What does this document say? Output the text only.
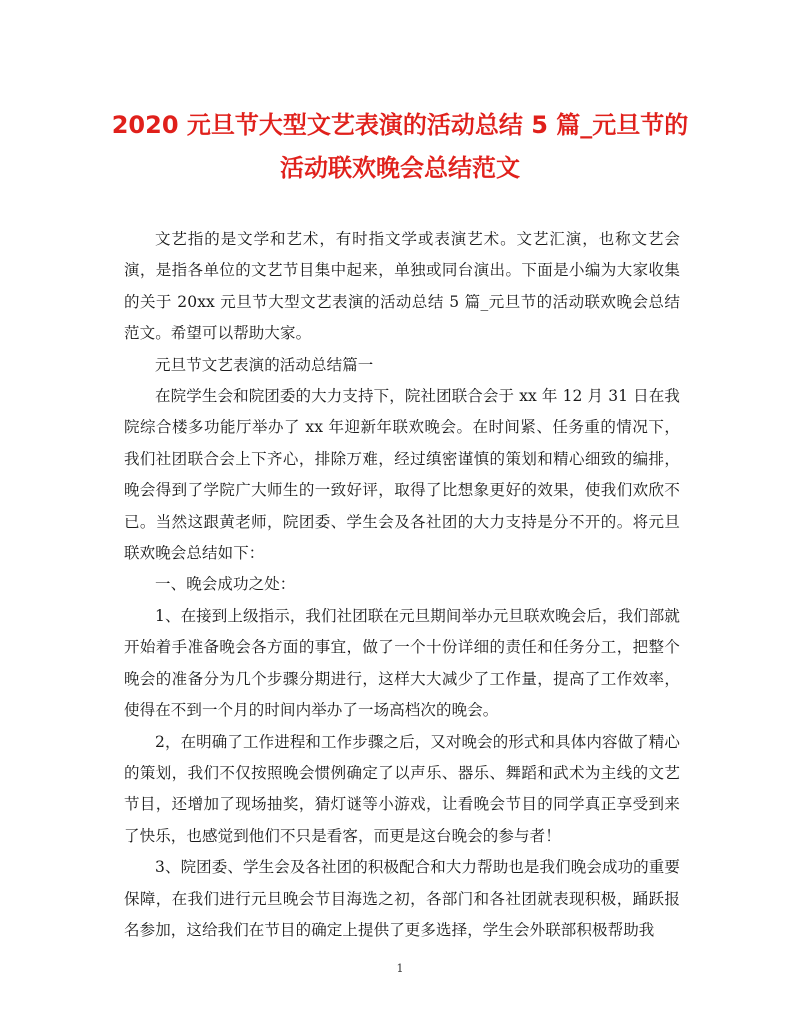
2020 元旦节大型文艺表演的活动总结 5 篇_元旦节的
活动联欢晚会总结范文

文艺指的是文学和艺术，有时指文学或表演艺术。文艺汇演，也称文艺会演，是指各单位的文艺节目集中起来，单独或同台演出。下面是小编为大家收集的关于 20xx 元旦节大型文艺表演的活动总结 5 篇_元旦节的活动联欢晚会总结范文。希望可以帮助大家。

元旦节文艺表演的活动总结篇一

在院学生会和院团委的大力支持下，院社团联合会于 xx 年 12 月 31 日在我院综合楼多功能厅举办了 xx 年迎新年联欢晚会。在时间紧、任务重的情况下，我们社团联合会上下齐心，排除万难，经过缜密谨慎的策划和精心细致的编排，晚会得到了学院广大师生的一致好评，取得了比想象更好的效果，使我们欢欣不已。当然这跟黄老师，院团委、学生会及各社团的大力支持是分不开的。将元旦联欢晚会总结如下：

一、晚会成功之处：

1、在接到上级指示，我们社团联在元旦期间举办元旦联欢晚会后，我们部就开始着手准备晚会各方面的事宜，做了一个十份详细的责任和任务分工，把整个晚会的准备分为几个步骤分期进行，这样大大减少了工作量，提高了工作效率，使得在不到一个月的时间内举办了一场高档次的晚会。

2，在明确了工作进程和工作步骤之后，又对晚会的形式和具体内容做了精心的策划，我们不仅按照晚会惯例确定了以声乐、器乐、舞蹈和武术为主线的文艺节目，还增加了现场抽奖，猜灯谜等小游戏，让看晚会节目的同学真正享受到来了快乐，也感觉到他们不只是看客，而更是这台晚会的参与者！

3、院团委、学生会及各社团的积极配合和大力帮助也是我们晚会成功的重要保障，在我们进行元旦晚会节目海选之初，各部门和各社团就表现积极，踊跃报名参加，这给我们在节目的确定上提供了更多选择，学生会外联部积极帮助我

1
